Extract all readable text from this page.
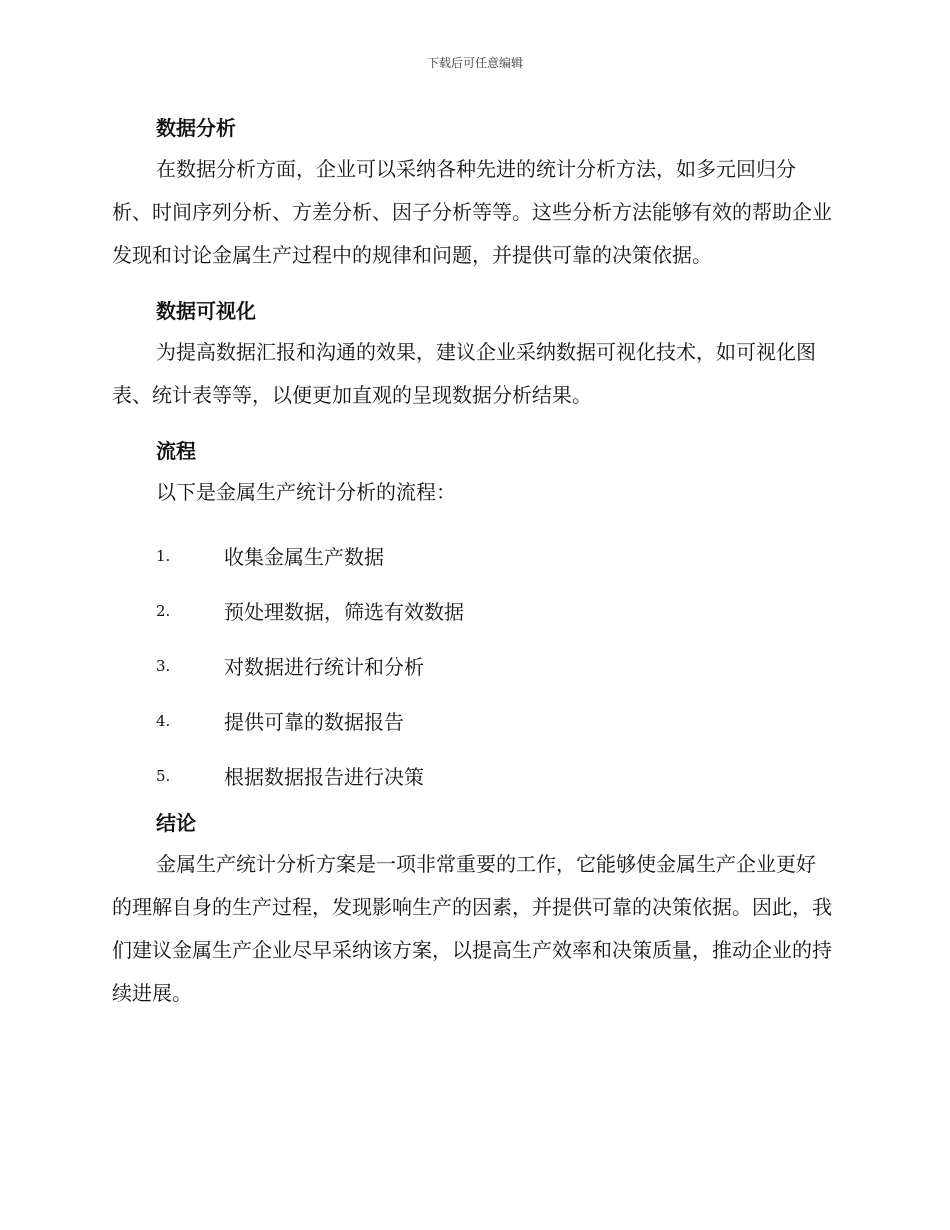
下载后可任意编辑
数据分析

在数据分析方面，企业可以采纳各种先进的统计分析方法，如多元回归分析、时间序列分析、方差分析、因子分析等等。这些分析方法能够有效的帮助企业发现和讨论金属生产过程中的规律和问题，并提供可靠的决策依据。

数据可视化

为提高数据汇报和沟通的效果，建议企业采纳数据可视化技术，如可视化图表、统计表等等，以便更加直观的呈现数据分析结果。

流程

以下是金属生产统计分析的流程：

1.	收集金属生产数据
2.	预处理数据，筛选有效数据
3.	对数据进行统计和分析
4.	提供可靠的数据报告
5.	根据数据报告进行决策
结论

金属生产统计分析方案是一项非常重要的工作，它能够使金属生产企业更好的理解自身的生产过程，发现影响生产的因素，并提供可靠的决策依据。因此，我们建议金属生产企业尽早采纳该方案，以提高生产效率和决策质量，推动企业的持续进展。
